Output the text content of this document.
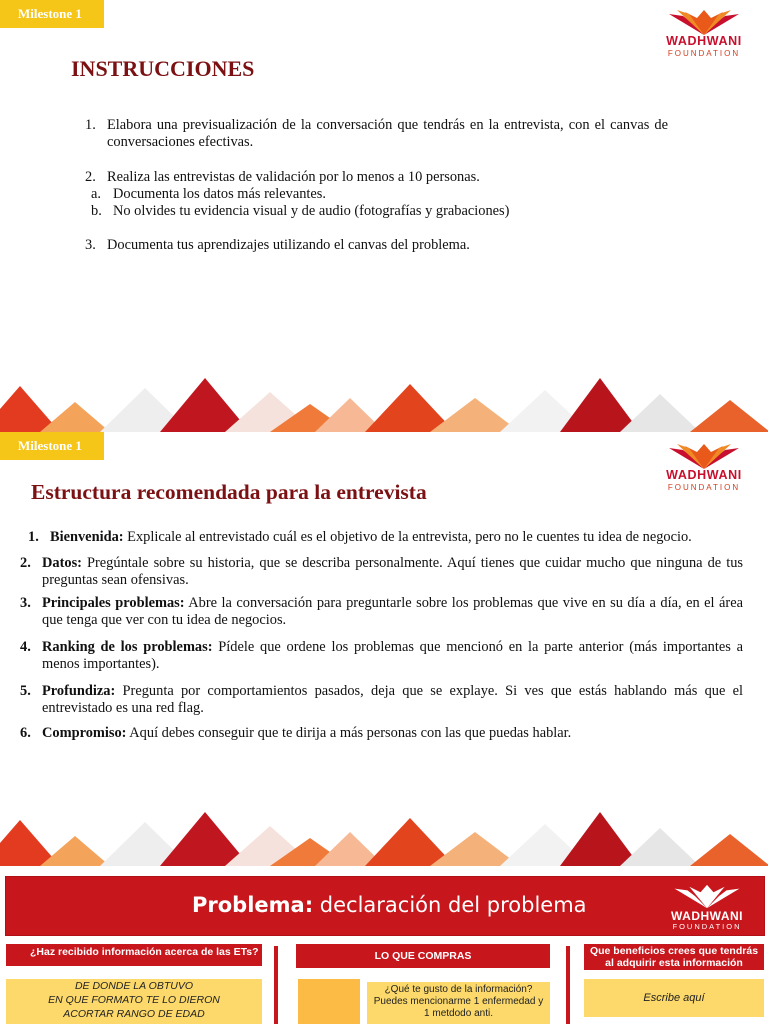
Milestone 1
WADHWANI
FOUNDATION
INSTRUCCIONES
1. Elabora una previsualización de la conversación que tendrás en la entrevista, con el canvas de conversaciones efectivas.
2. Realiza las entrevistas de validación por lo menos a 10 personas.
a. Documenta los datos más relevantes.
b. No olvides tu evidencia visual y de audio (fotografías y grabaciones)
3. Documenta tus aprendizajes utilizando el canvas del problema.
Milestone 1
WADHWANI
FOUNDATION
Estructura recomendada para la entrevista
1. Bienvenida: Explicale al entrevistado cuál es el objetivo de la entrevista, pero no le cuentes tu idea de negocio.
2. Datos: Pregúntale sobre su historia, que se describa personalmente. Aquí tienes que cuidar mucho que ninguna de tus preguntas sean ofensivas.
3. Principales problemas: Abre la conversación para preguntarle sobre los problemas que vive en su día a día, en el área que tenga que ver con tu idea de negocios.
4. Ranking de los problemas: Pídele que ordene los problemas que mencionó en la parte anterior (más importantes a menos importantes).
5. Profundiza: Pregunta por comportamientos pasados, deja que se explaye. Si ves que estás hablando más que el entrevistado es una red flag.
6. Compromiso: Aquí debes conseguir que te dirija a más personas con las que puedas hablar.
Problema: declaración del problema	WADHWANI
FOUNDATION
¿Haz recibido información acerca de las ETs?
DE DONDE LA OBTUVO
EN QUE FORMATO TE LO DIERON
ACORTAR RANGO DE EDAD
LO QUE COMPRAS
¿Qué te gusto de la información?
Puedes mencionarme 1 enfermedad y
1 metdodo anti.
Que beneficios crees que tendrás
al adquirir esta información
Escribe aquí
